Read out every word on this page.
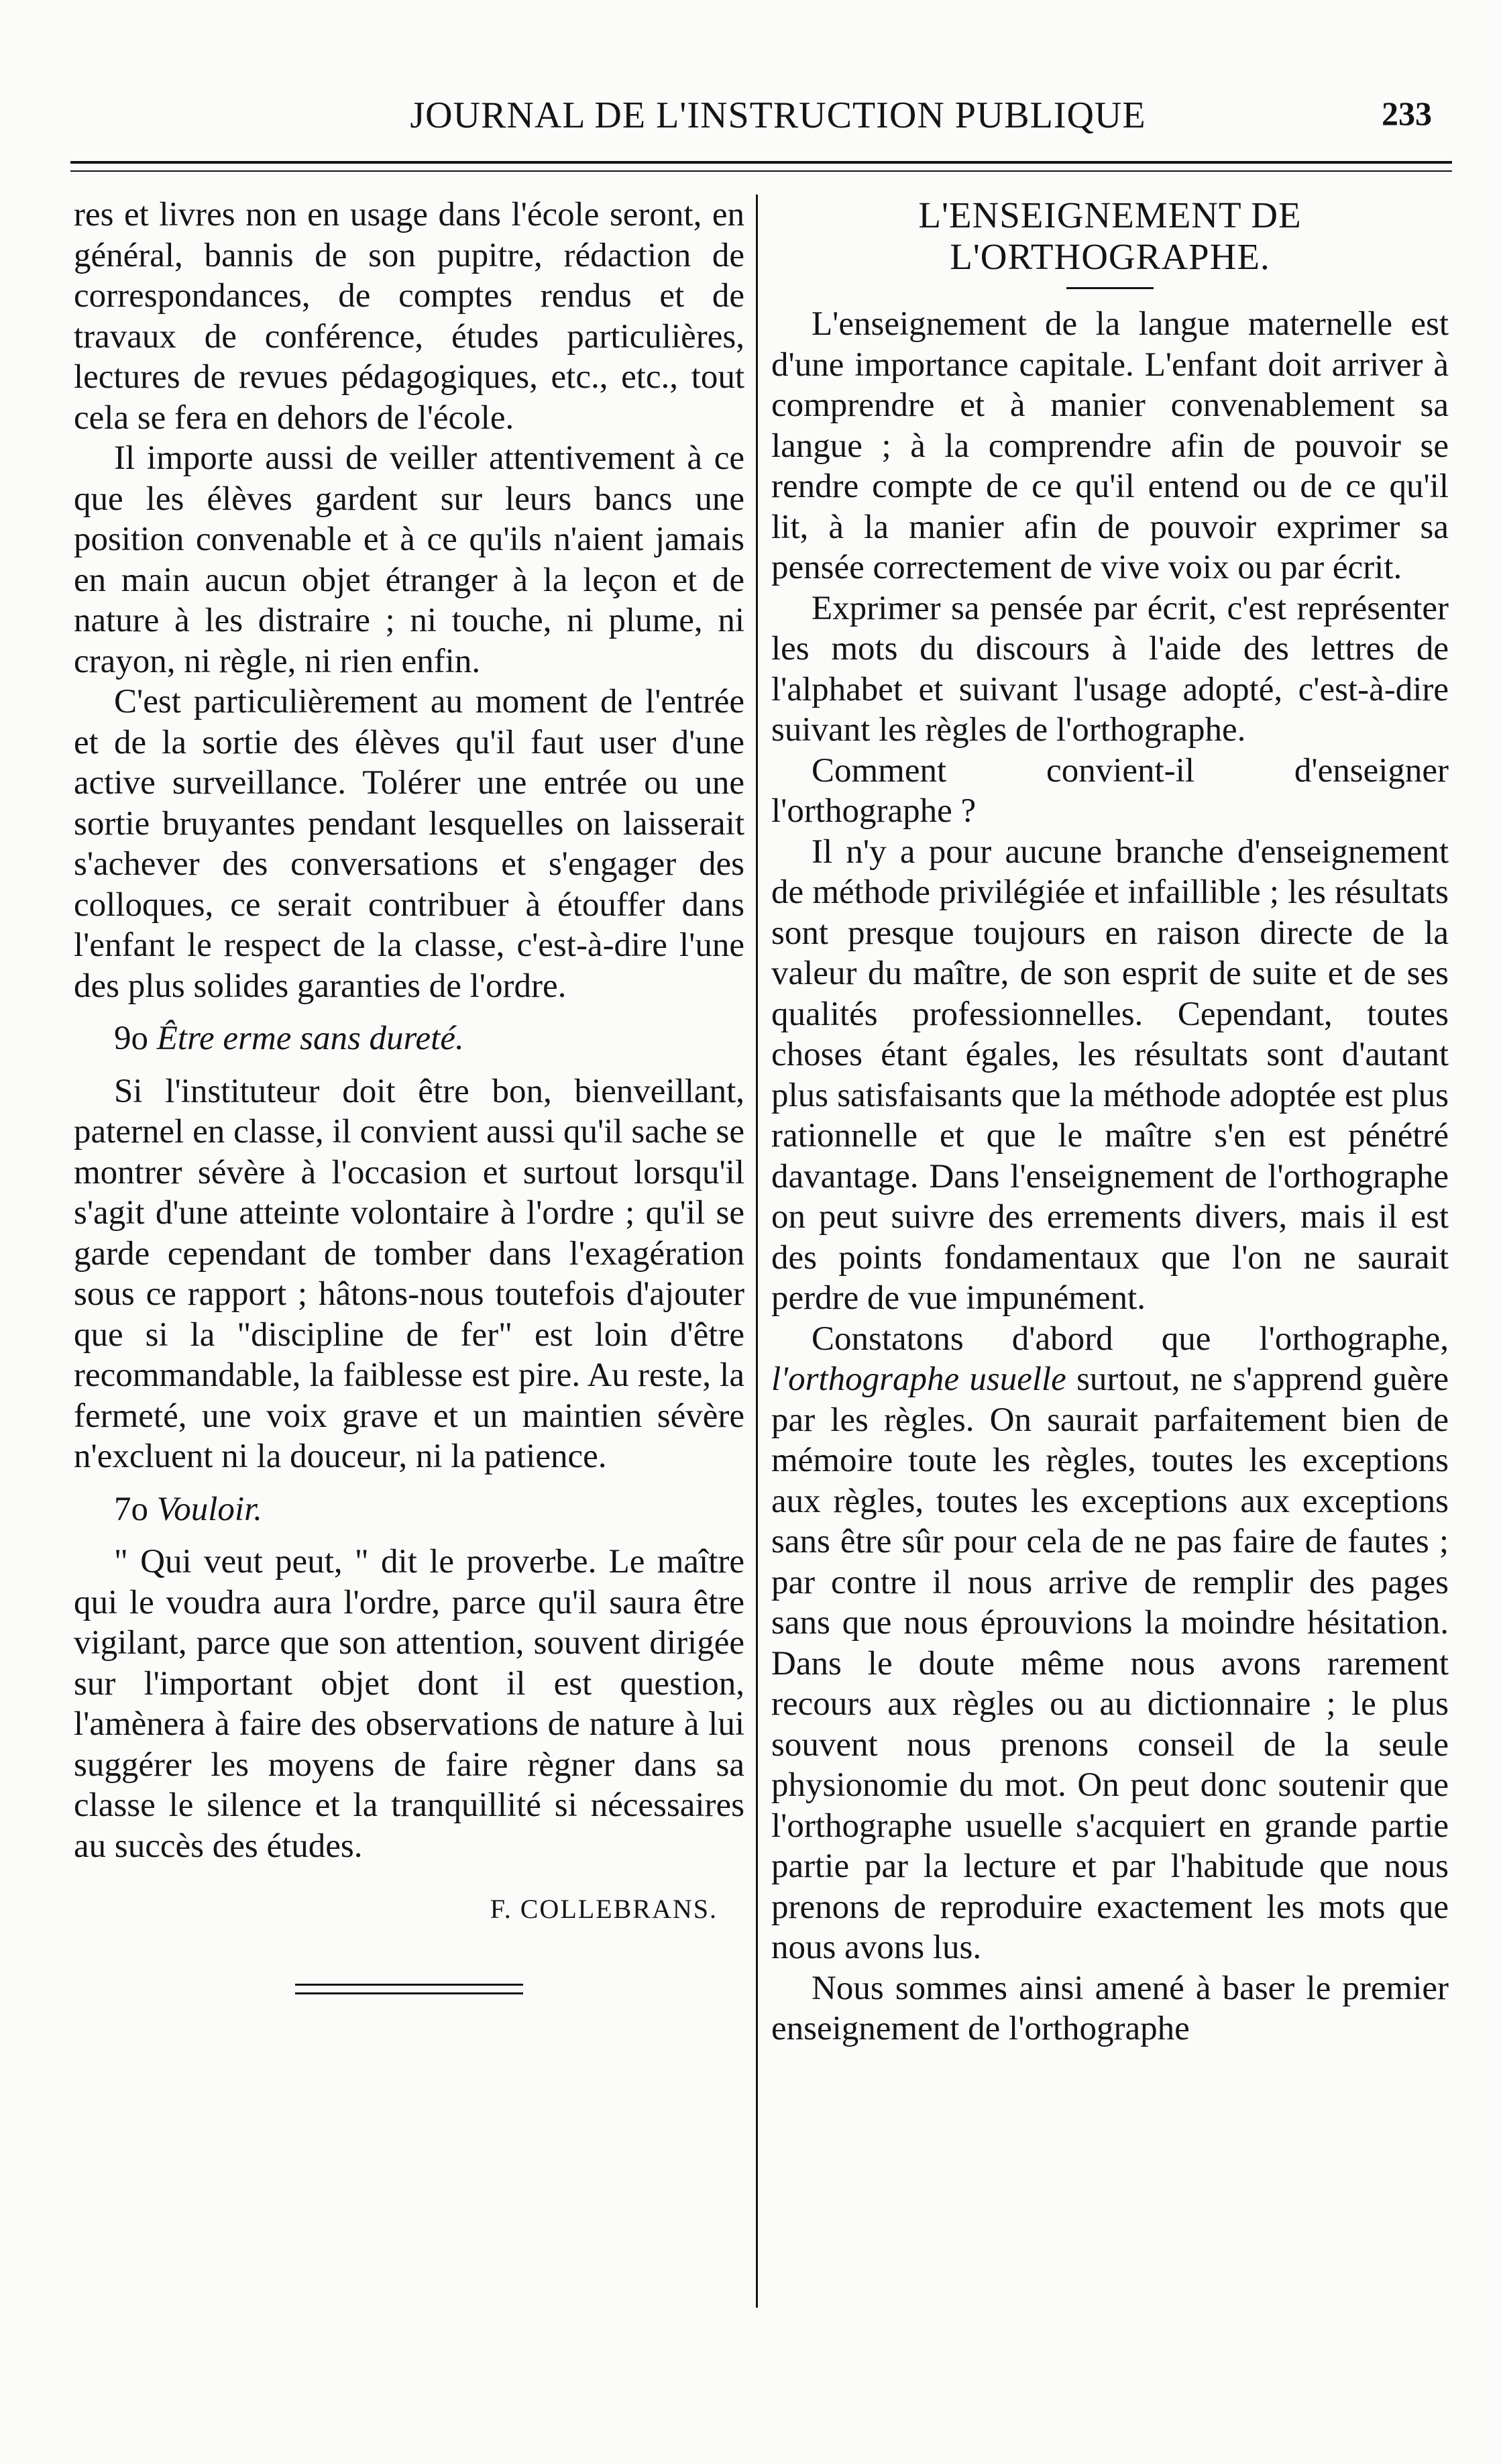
JOURNAL DE L'INSTRUCTION PUBLIQUE	233

res et livres non en usage dans l'école seront, en général, bannis de son pupitre, rédaction de correspondances, de comptes rendus et de travaux de conférence, études particulières, lectures de revues pédagogiques, etc., etc., tout cela se fera en dehors de l'école.

Il importe aussi de veiller attentivement à ce que les élèves gardent sur leurs bancs une position convenable et à ce qu'ils n'aient jamais en main aucun objet étranger à la leçon et de nature à les distraire ; ni touche, ni plume, ni crayon, ni règle, ni rien enfin.

C'est particulièrement au moment de l'entrée et de la sortie des élèves qu'il faut user d'une active surveillance. Tolérer une entrée ou une sortie bruyantes pendant lesquelles on laisserait s'achever des conversations et s'engager des colloques, ce serait contribuer à étouffer dans l'enfant le respect de la classe, c'est-à-dire l'une des plus solides garanties de l'ordre.

9o Être erme sans dureté.

Si l'instituteur doit être bon, bienveillant, paternel en classe, il convient aussi qu'il sache se montrer sévère à l'occasion et surtout lorsqu'il s'agit d'une atteinte volontaire à l'ordre ; qu'il se garde cependant de tomber dans l'exagération sous ce rapport ; hâtons-nous toutefois d'ajouter que si la "discipline de fer" est loin d'être recommandable, la faiblesse est pire. Au reste, la fermeté, une voix grave et un maintien sévère n'excluent ni la douceur, ni la patience.

7o Vouloir.

" Qui veut peut, " dit le proverbe. Le maître qui le voudra aura l'ordre, parce qu'il saura être vigilant, parce que son attention, souvent dirigée sur l'important objet dont il est question, l'amènera à faire des observations de nature à lui suggérer les moyens de faire règner dans sa classe le silence et la tranquillité si nécessaires au succès des études.

F. COLLEBRANS.
L'ENSEIGNEMENT DE L'ORTHOGRAPHE.

L'enseignement de la langue maternelle est d'une importance capitale. L'enfant doit arriver à comprendre et à manier convenablement sa langue ; à la comprendre afin de pouvoir se rendre compte de ce qu'il entend ou de ce qu'il lit, à la manier afin de pouvoir exprimer sa pensée correctement de vive voix ou par écrit.

Exprimer sa pensée par écrit, c'est représenter les mots du discours à l'aide des lettres de l'alphabet et suivant l'usage adopté, c'est-à-dire suivant les règles de l'orthographe.

Comment convient-il d'enseigner l'orthographe ?

Il n'y a pour aucune branche d'enseignement de méthode privilégiée et infaillible ; les résultats sont presque toujours en raison directe de la valeur du maître, de son esprit de suite et de ses qualités professionnelles. Cependant, toutes choses étant égales, les résultats sont d'autant plus satisfaisants que la méthode adoptée est plus rationnelle et que le maître s'en est pénétré davantage. Dans l'enseignement de l'orthographe on peut suivre des errements divers, mais il est des points fondamentaux que l'on ne saurait perdre de vue impunément.

Constatons d'abord que l'orthographe, l'orthographe usuelle surtout, ne s'apprend guère par les règles. On saurait parfaitement bien de mémoire toute les règles, toutes les exceptions aux règles, toutes les exceptions aux exceptions sans être sûr pour cela de ne pas faire de fautes ; par contre il nous arrive de remplir des pages sans que nous éprouvions la moindre hésitation. Dans le doute même nous avons rarement recours aux règles ou au dictionnaire ; le plus souvent nous prenons conseil de la seule physionomie du mot. On peut donc soutenir que l'orthographe usuelle s'acquiert en grande partie partie par la lecture et par l'habitude que nous prenons de reproduire exactement les mots que nous avons lus.

Nous sommes ainsi amené à baser le premier enseignement de l'orthographe
